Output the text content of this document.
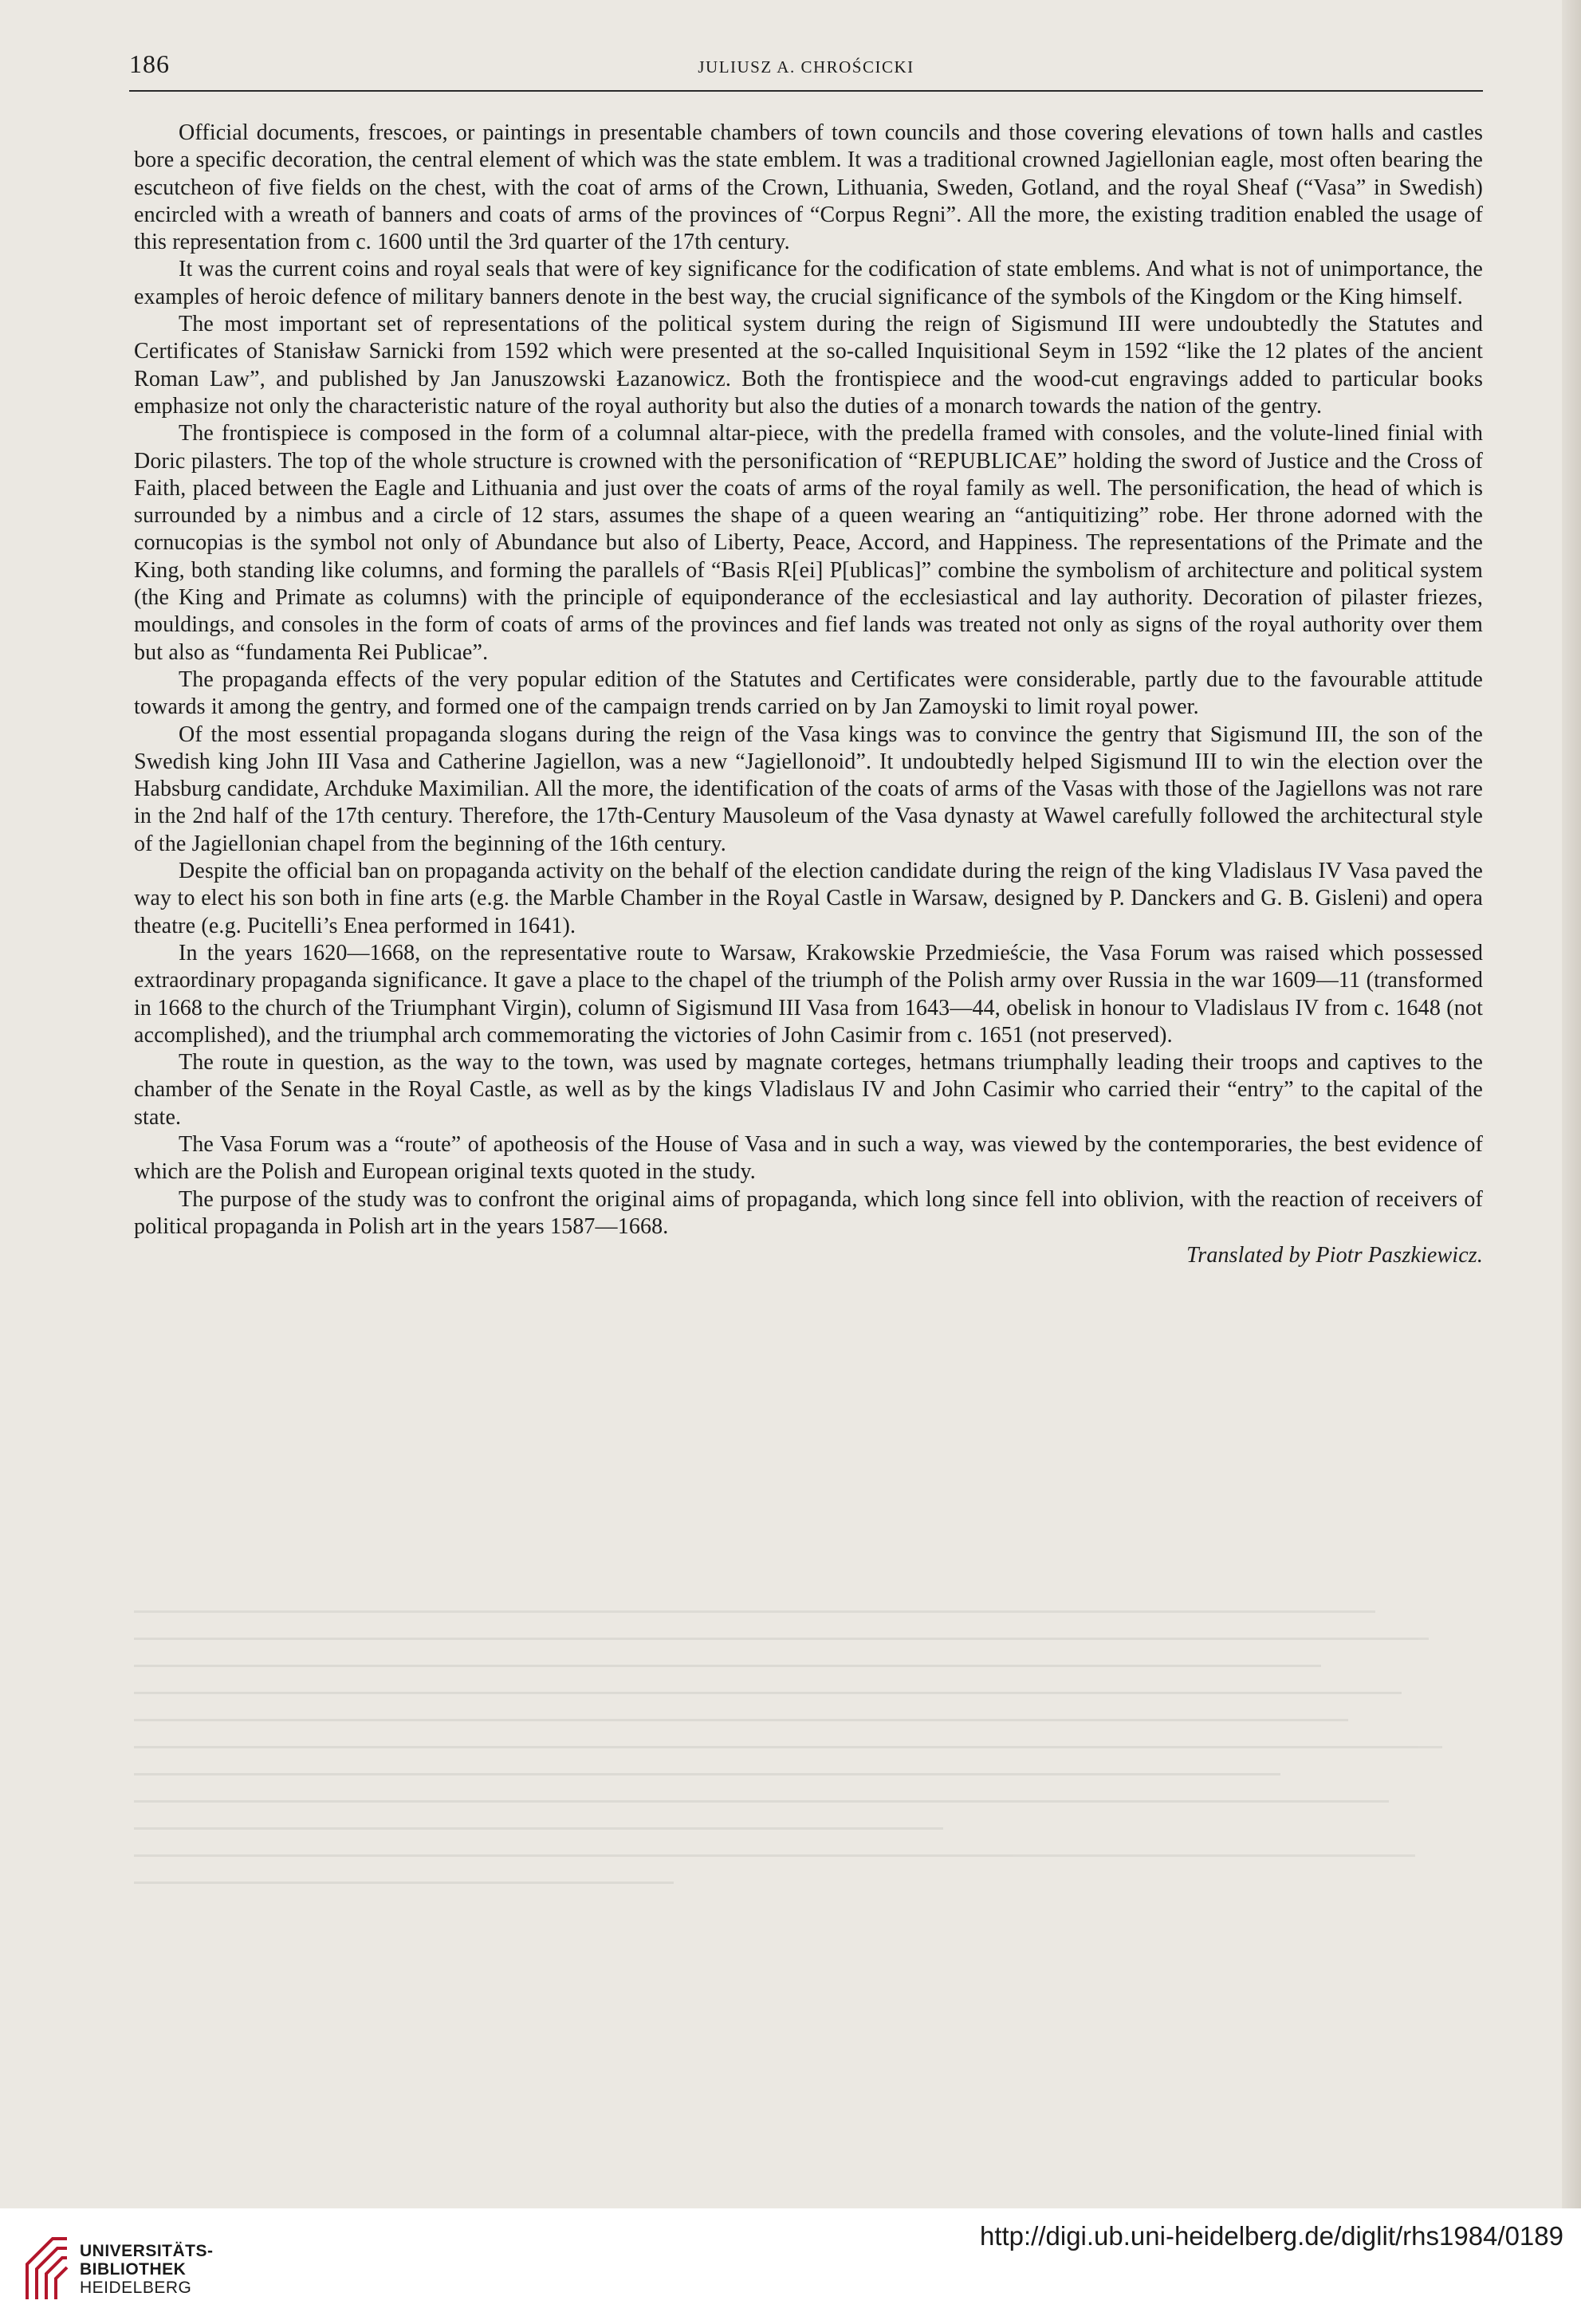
186	JULIUSZ A. CHROŚCICKI

Official documents, frescoes, or paintings in presentable chambers of town councils and those covering elevations of town halls and castles bore a specific decoration, the central element of which was the state emblem. It was a traditional crowned Jagiellonian eagle, most often bearing the escutcheon of five fields on the chest, with the coat of arms of the Crown, Lithuania, Sweden, Gotland, and the royal Sheaf (“Vasa” in Swedish) encircled with a wreath of banners and coats of arms of the provinces of “Corpus Regni”. All the more, the existing tradition enabled the usage of this representation from c. 1600 until the 3rd quarter of the 17th century.

It was the current coins and royal seals that were of key significance for the codification of state emblems. And what is not of unimportance, the examples of heroic defence of military banners denote in the best way, the crucial significance of the symbols of the Kingdom or the King himself.

The most important set of representations of the political system during the reign of Sigismund III were undoubtedly the Statutes and Certificates of Stanisław Sarnicki from 1592 which were presented at the so-called Inquisitional Seym in 1592 “like the 12 plates of the ancient Roman Law”, and published by Jan Januszowski Łazanowicz. Both the frontispiece and the wood-cut engravings added to particular books emphasize not only the characteristic nature of the royal authority but also the duties of a monarch towards the nation of the gentry.

The frontispiece is composed in the form of a columnal altar-piece, with the predella framed with consoles, and the volute-lined finial with Doric pilasters. The top of the whole structure is crowned with the personification of “REPUBLICAE” holding the sword of Justice and the Cross of Faith, placed between the Eagle and Lithuania and just over the coats of arms of the royal family as well. The personification, the head of which is surrounded by a nimbus and a circle of 12 stars, assumes the shape of a queen wearing an “antiquitizing” robe. Her throne adorned with the cornucopias is the symbol not only of Abundance but also of Liberty, Peace, Accord, and Happiness. The representations of the Primate and the King, both standing like columns, and forming the parallels of “Basis R[ei] P[ublicas]” combine the symbolism of architecture and political system (the King and Primate as columns) with the principle of equiponderance of the ecclesiastical and lay authority. Decoration of pilaster friezes, mouldings, and consoles in the form of coats of arms of the provinces and fief lands was treated not only as signs of the royal authority over them but also as “fundamenta Rei Publicae”.

The propaganda effects of the very popular edition of the Statutes and Certificates were considerable, partly due to the favourable attitude towards it among the gentry, and formed one of the campaign trends carried on by Jan Zamoyski to limit royal power.

Of the most essential propaganda slogans during the reign of the Vasa kings was to convince the gentry that Sigismund III, the son of the Swedish king John III Vasa and Catherine Jagiellon, was a new “Jagiellonoid”. It undoubtedly helped Sigismund III to win the election over the Habsburg candidate, Archduke Maximilian. All the more, the identification of the coats of arms of the Vasas with those of the Jagiellons was not rare in the 2nd half of the 17th century. Therefore, the 17th-Century Mausoleum of the Vasa dynasty at Wawel carefully followed the architectural style of the Jagiellonian chapel from the beginning of the 16th century.

Despite the official ban on propaganda activity on the behalf of the election candidate during the reign of the king Vladislaus IV Vasa paved the way to elect his son both in fine arts (e.g. the Marble Chamber in the Royal Castle in Warsaw, designed by P. Danckers and G. B. Gisleni) and opera theatre (e.g. Pucitelli’s Enea performed in 1641).

In the years 1620—1668, on the representative route to Warsaw, Krakowskie Przedmieście, the Vasa Forum was raised which possessed extraordinary propaganda significance. It gave a place to the chapel of the triumph of the Polish army over Russia in the war 1609—11 (transformed in 1668 to the church of the Triumphant Virgin), column of Sigismund III Vasa from 1643—44, obelisk in honour to Vladislaus IV from c. 1648 (not accomplished), and the triumphal arch commemorating the victories of John Casimir from c. 1651 (not preserved).

The route in question, as the way to the town, was used by magnate corteges, hetmans triumphally leading their troops and captives to the chamber of the Senate in the Royal Castle, as well as by the kings Vladislaus IV and John Casimir who carried their “entry” to the capital of the state.

The Vasa Forum was a “route” of apotheosis of the House of Vasa and in such a way, was viewed by the contemporaries, the best evidence of which are the Polish and European original texts quoted in the study.

The purpose of the study was to confront the original aims of propaganda, which long since fell into oblivion, with the reaction of receivers of political propaganda in Polish art in the years 1587—1668.

Translated by Piotr Paszkiewicz.

UNIVERSITÄTS-
BIBLIOTHEK
HEIDELBERG
http://digi.ub.uni-heidelberg.de/diglit/rhs1984/0189
